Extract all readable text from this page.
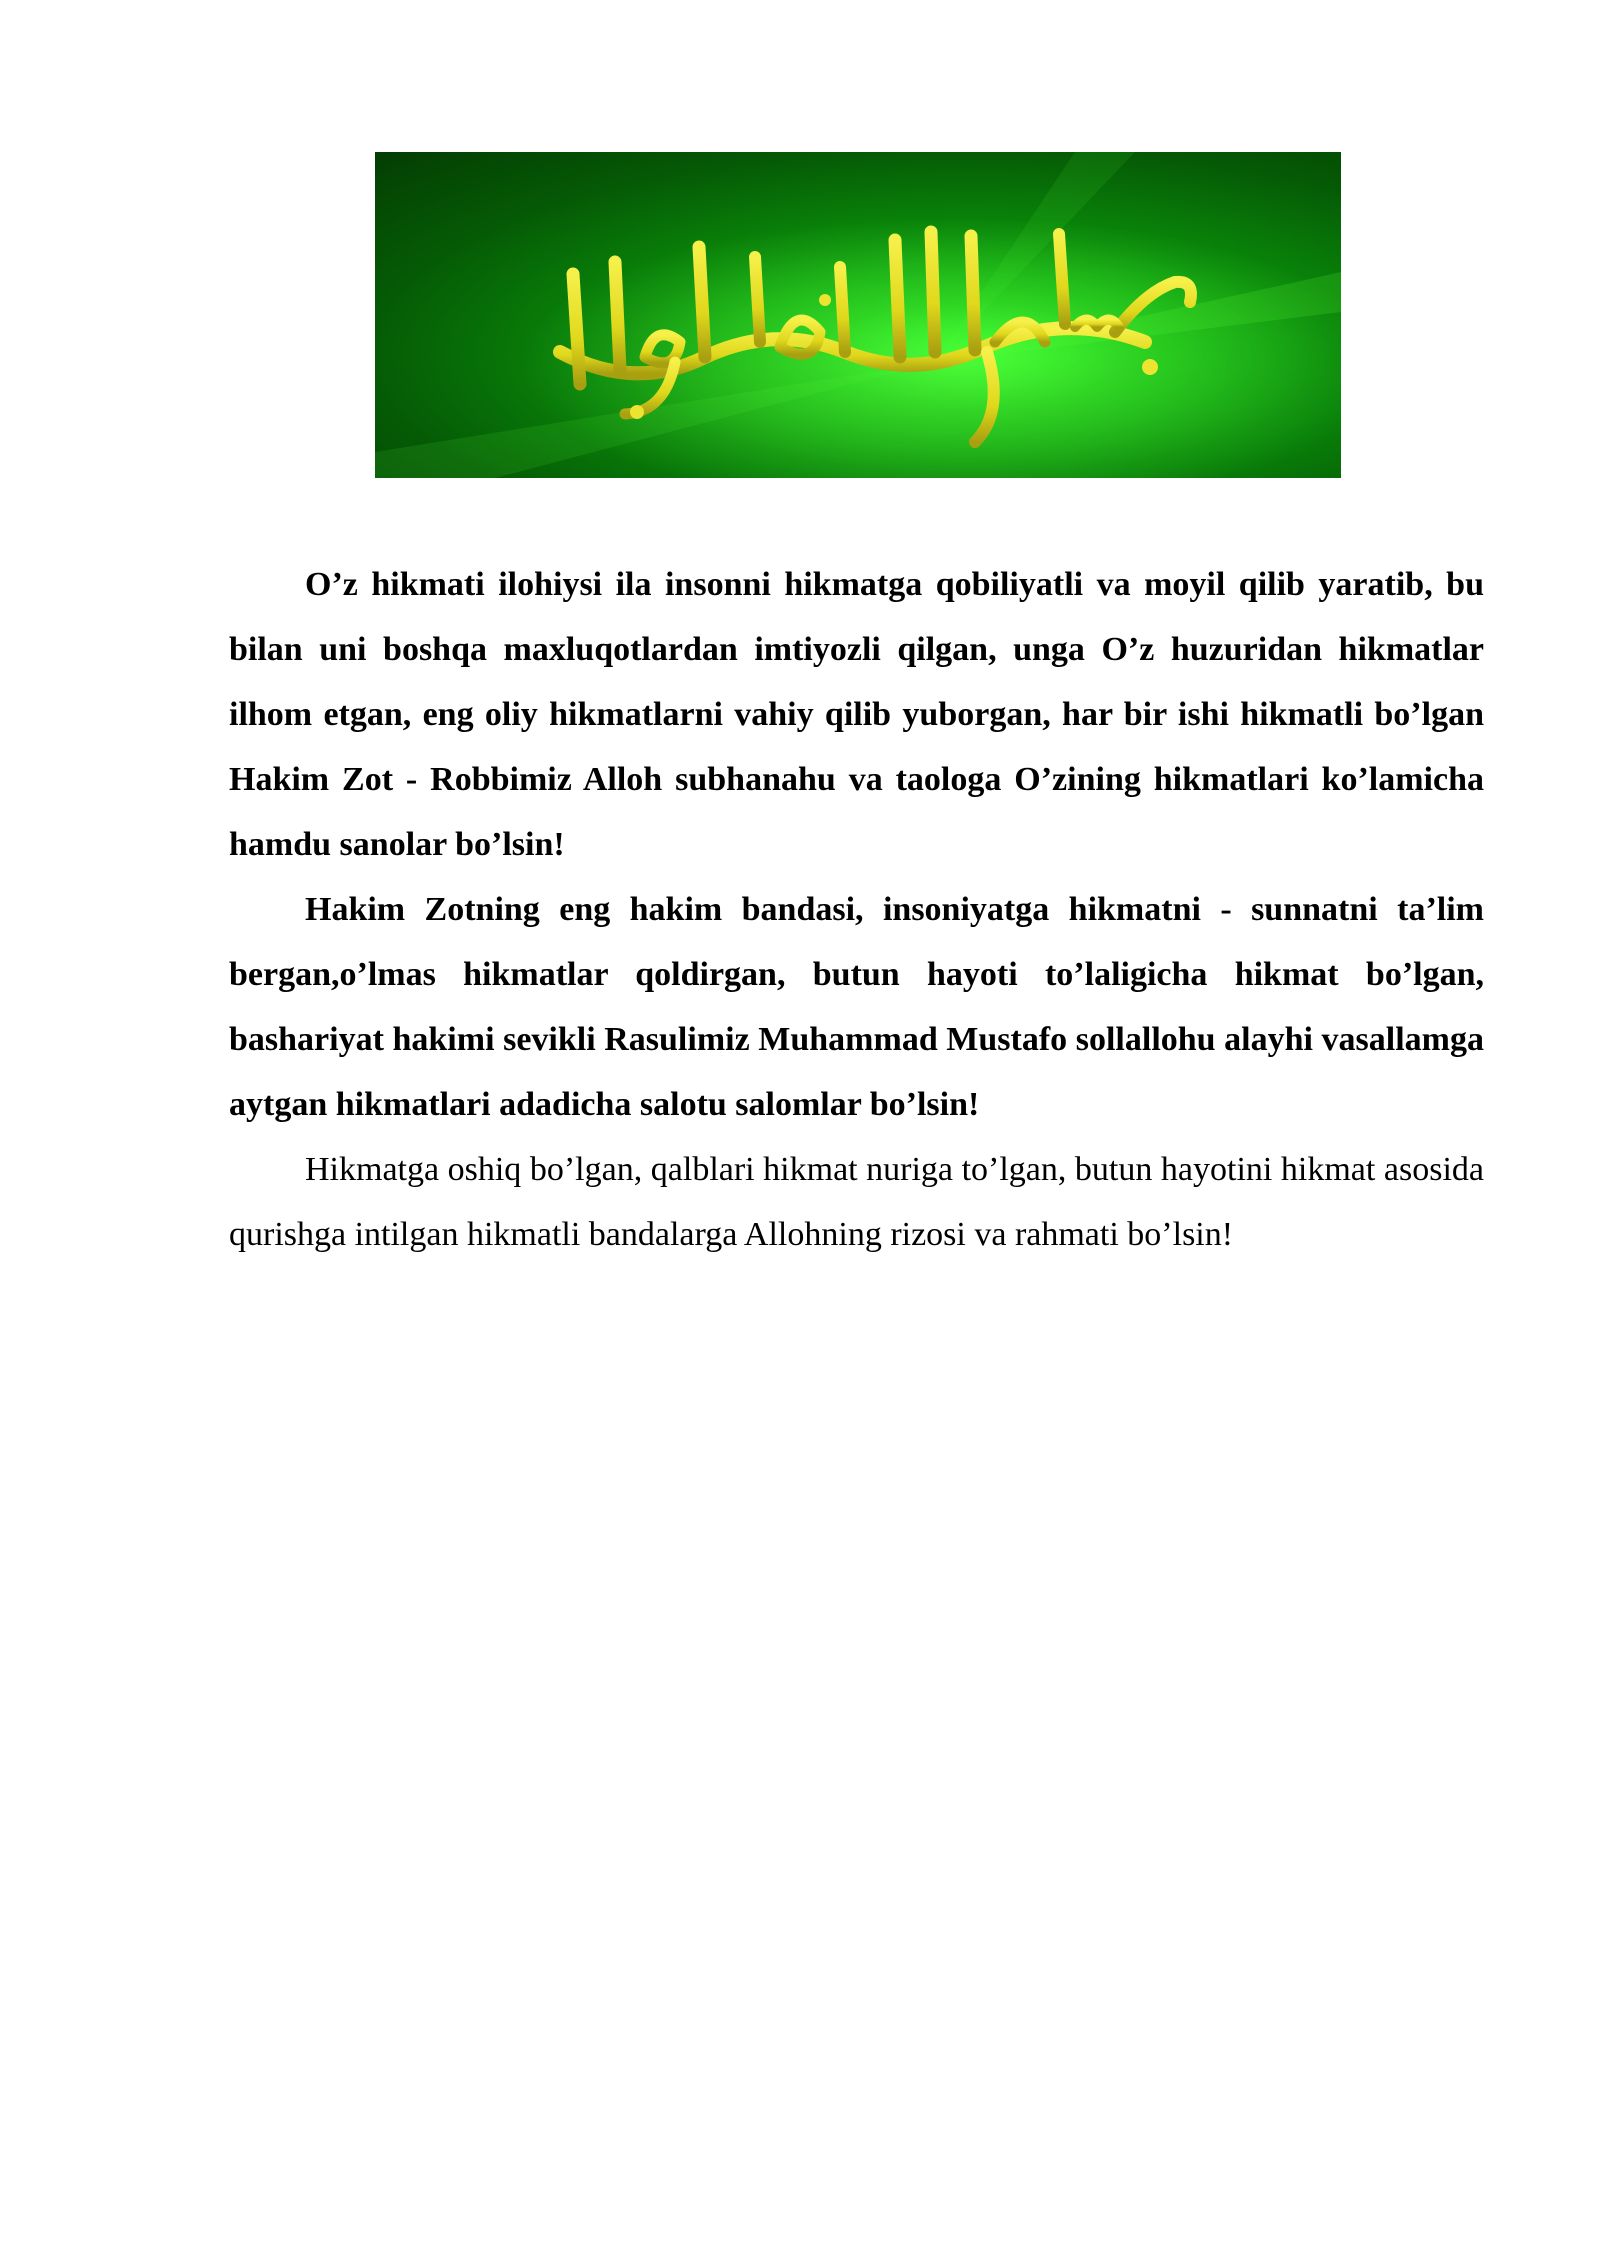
O’z hikmati ilohiysi ila insonni hikmatga qobiliyatli va moyil qilib yaratib, bu bilan uni boshqa maxluqotlardan imtiyozli qilgan, unga O’z huzuridan hikmatlar ilhom etgan, eng oliy hikmatlarni vahiy qilib yuborgan, har bir ishi hikmatli bo’lgan Hakim Zot - Robbimiz Alloh subhanahu va taologa O’zining hikmatlari ko’lamicha hamdu sanolar bo’lsin!

Hakim Zotning eng hakim bandasi, insoniyatga hikmatni - sunnatni ta’lim bergan,o’lmas hikmatlar qoldirgan, butun hayoti to’laligicha hikmat bo’lgan, bashariyat hakimi sevikli Rasulimiz Muhammad Mustafo sollallohu alayhi vasallamga aytgan hikmatlari adadicha salotu salomlar bo’lsin!

Hikmatga oshiq bo’lgan, qalblari hikmat nuriga to’lgan, butun hayotini hikmat asosida qurishga intilgan hikmatli bandalarga Allohning rizosi va rahmati bo’lsin!
